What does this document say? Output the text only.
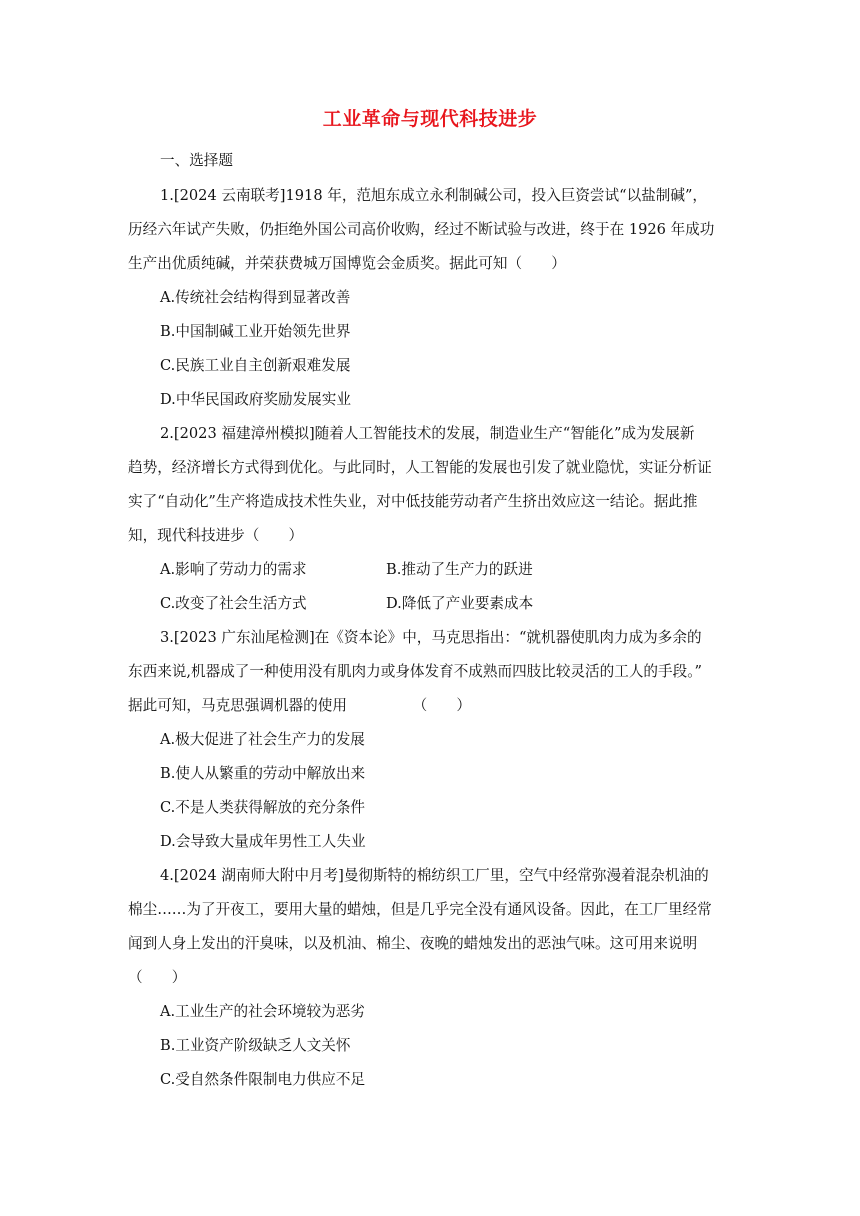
工业革命与现代科技进步
一、选择题
1.[2024 云南联考]1918 年，范旭东成立永利制碱公司，投入巨资尝试“以盐制碱”，
历经六年试产失败，仍拒绝外国公司高价收购，经过不断试验与改进，终于在 1926 年成功
生产出优质纯碱，并荣获费城万国博览会金质奖。据此可知（　　）
A.传统社会结构得到显著改善
B.中国制碱工业开始领先世界
C.民族工业自主创新艰难发展
D.中华民国政府奖励发展实业
2.[2023 福建漳州模拟]随着人工智能技术的发展，制造业生产“智能化”成为发展新
趋势，经济增长方式得到优化。与此同时，人工智能的发展也引发了就业隐忧，实证分析证
实了“自动化”生产将造成技术性失业，对中低技能劳动者产生挤出效应这一结论。据此推
知，现代科技进步（　　）
A.影响了劳动力的需求	B.推动了生产力的跃进
C.改变了社会生活方式	D.降低了产业要素成本
3.[2023 广东汕尾检测]在《资本论》中，马克思指出：“就机器使肌肉力成为多余的
东西来说,机器成了一种使用没有肌肉力或身体发育不成熟而四肢比较灵活的工人的手段。”
据此可知，马克思强调机器的使用　　　　　（　　）
A.极大促进了社会生产力的发展
B.使人从繁重的劳动中解放出来
C.不是人类获得解放的充分条件
D.会导致大量成年男性工人失业
4.[2024 湖南师大附中月考]曼彻斯特的棉纺织工厂里，空气中经常弥漫着混杂机油的
棉尘……为了开夜工，要用大量的蜡烛，但是几乎完全没有通风设备。因此，在工厂里经常
闻到人身上发出的汗臭味，以及机油、棉尘、夜晚的蜡烛发出的恶浊气味。这可用来说明
（　　）
A.工业生产的社会环境较为恶劣
B.工业资产阶级缺乏人文关怀
C.受自然条件限制电力供应不足
